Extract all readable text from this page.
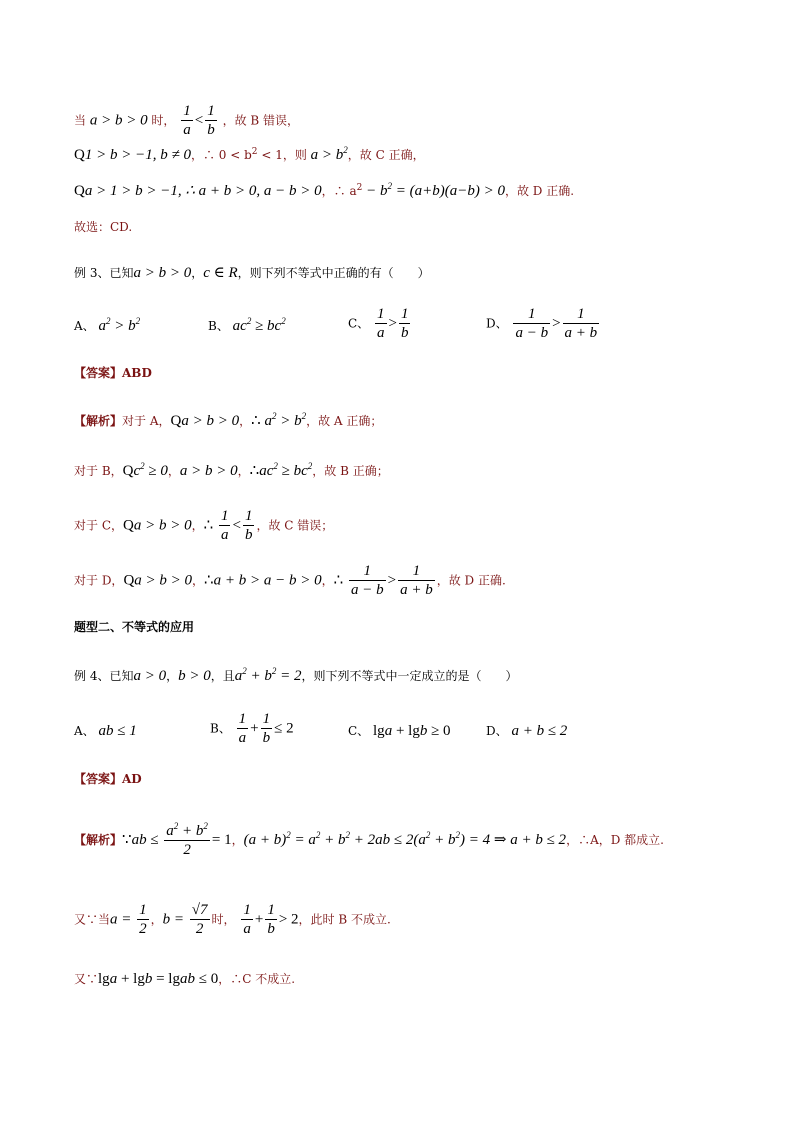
当 a > b > 0 时， $\frac{1}{a} < \frac{1}{b}$ ，故 B 错误，
Q1 > b > −1, b ≠ 0，∴ $0 < b^2 < 1$，则 $a > b^2$，故 C 正确，
Qa > 1 > b > −1, ∴ a + b > 0, a − b > 0，∴ $a^2 - b^2 = (a+b)(a-b) > 0$，故 D 正确.
故选：CD.
例 3、已知a > b > 0，c ∈ R，则下列不等式中正确的有（　　）
A、 $a^2 > b^2$	B、 $ac^2 \ge bc^2$	C、 $\frac{1}{a} > \frac{1}{b}$	D、 $\frac{1}{a - b} > \frac{1}{a + b}$
【答案】ABD
【解析】对于 A，Qa > b > 0，∴ $a^2 > b^2$，故 A 正确；
对于 B，$Qc^2 \ge 0$，a > b > 0，$\therefore ac^2 \ge bc^2$，故 B 正确；
对于 C，Qa > b > 0，∴ $\frac{1}{a} < \frac{1}{b}$ ，故 C 错误；
对于 D，Qa > b > 0，∴a + b > a − b > 0，∴ $\frac{1}{a - b} > \frac{1}{a + b}$ ，故 D 正确.
题型二、不等式的应用
例 4、已知a > 0，b > 0，且$a^2 + b^2 = 2$，则下列不等式中一定成立的是（　　）
A、 ab ≤ 1	B、 $\frac{1}{a} + \frac{1}{b} \le 2$	C、 lga + lgb ≥ 0	D、 a + b ≤ 2
【答案】AD
【解析】∵ab ≤ $\frac{a^2 + b^2}{2} = 1$，$(a + b)^2 = a^2 + b^2 + 2ab \le 2(a^2 + b^2) = 4$ ⇒ a + b ≤ 2，∴A，D 都成立.
又∵当$a = \frac{1}{2}$ ，$b = \frac{√7}{2}$ 时， $\frac{1}{a} + \frac{1}{b} > 2$，此时 B 不成立.
又∵lga + lgb = lgab ≤ 0，∴C 不成立.
